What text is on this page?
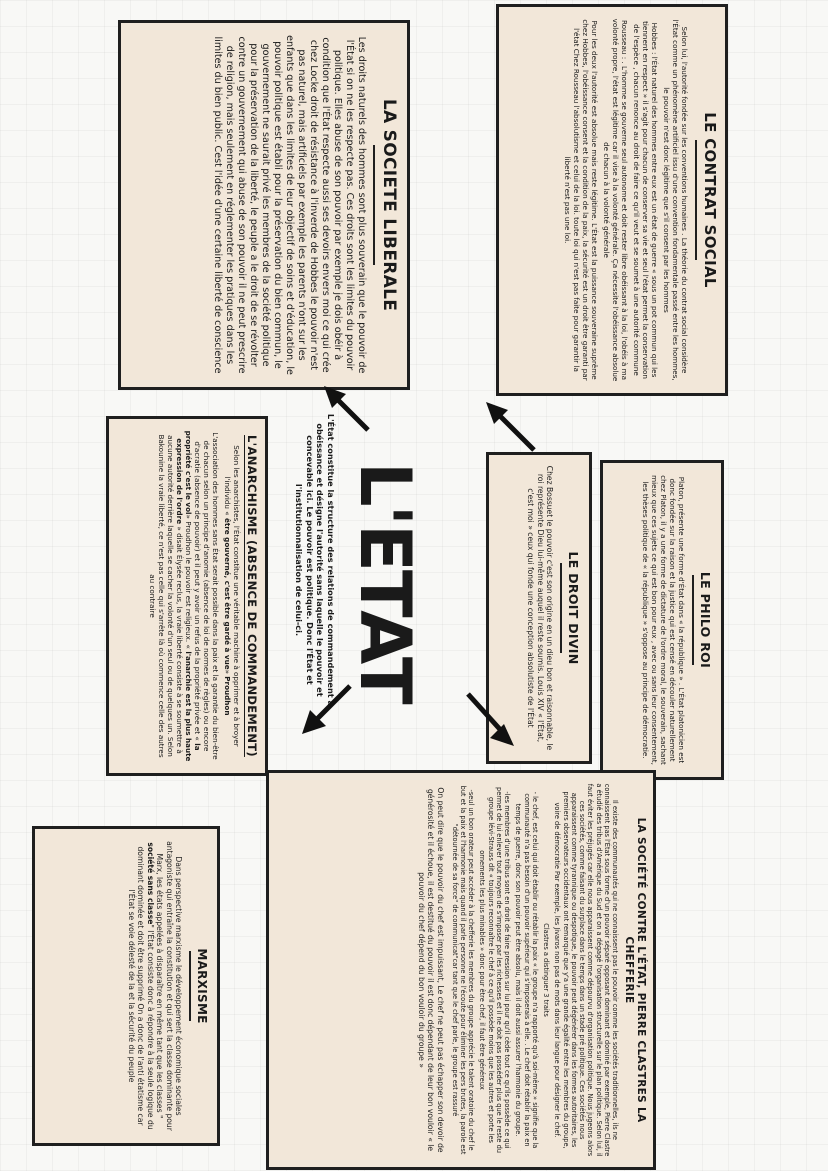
LA SOCIETE LIBERALE

Les droits naturels des hommes sont plus souverain que le pouvoir de l'État si on ne les respecte pas. Ces droits sont les limites du pouvoir politique. Elles abuse de son pouvoir par exemple je dois obéir à condition que l'État respecte aussi ses devoirs envers moi ce qui crée chez Locke droit de résistance à l'inverde de Hobbes le pouvoir n'est pas naturel, mais artificiels par exemple les parents n'ont sur les enfants que dans les limites de leur objectif de soins et d'éducation, le pouvoir politique est établi pour la préservation du bien commun, le gouvernement ne saurait privé les membres de la société politique pour la préservation de la liberté, le peuple a le droit de se révolter contre un gouvernement qui abuse de son pouvoir il ne peut prescrire de religion, mais seulement en réglementer les pratiques dans les limites du bien public. Cest l'idée d'une certaine liberté de conscience	LE CONTRAT SOCIAL

Selon lui, l'autorité fondée sur les conventions humaines . La théorie du contrat social considère l'État comme un phénomène artificiel issu d'une convention fondamentale passé entre les hommes, le pouvoir n'est donc légitime que s'il consent par les hommes

Hobbes : l'État naturel des hommes entre eux est un état de guerre « sous un pot commun qui les tiennent en respect » il s'agit pour chacun de conserver sa vie et seul l'état permet la conservation de l'espèce , chacun renonce au droit de faire ce qu'il veut et se soumet à une autorité commune

Rousseau : . L'homme se gouverne seul autonome et doit rester libre obéissant à la loi, l'obéis à ma volonté propre, l'état est légitime car il vise à la volonté générale. Ça nécessite l'obéissance absolue de chacun à la volonté générale

Pour les deux l'autorité est absolue mais reste légitime. L'État est la puissance souveraine suprême chez Hobbes, l'obéissance consent et la condition de la paix, la sécurité est un droit être garanti par l'état Chez Rousseau l'absolutisme et celui de la loi. toute loi qui n'est pas faite pour garantir la liberté n'est pas une loi.

LE DROIT DIVIN

Chez Bossuet le pouvoir c'est son origine en un dieu bon et raisonnable, le roi représente Dieu lui-même auquel il reste soumis. Louis XIV « l'État, c'est moi » ceux qui fonde une conception absolutiste de l'État	LE PHILO ROI

Platon, présente une forme d'État dans « la république » . L'État platonicien est donc fondée sur la raison et la justice qui est censé en découler naturellement chez Platon, il y a une forme de dictature de l'ordre moral, le souverain, sachant mieux que ces sujets ce qui est bon pour eux , avec ou sans leur consentement, les thèses politique de « la république » s'oppose au principe de démocratie.

L'ETAT
L'État constitue la structure des relations de commandement à obéissance et désigne l'autorité sans laquelle le pouvoir et concevable ici. Le pouvoir est politique. Donc l'État et l'institutionnalisation de celui-ci.
L'ANARCHISME (ABSENCE DE COMMANDEMENT)

Selon les anarchistes, l'État constitue une véritable machine à opprimer et à broyer l'individu « être gouverné, c'est être gardé à vue» Proudhon

L'association des hommes sans État serait possible dans la paix et la garantie du bien-être de chacun selon un principe d'anomie (absence de loi de normes de règles) ou encore d'acratie (absence de pouvoir) et il peut y avoir un refus de la propriété privée et « la propriété c'est le vol» Proudhon le pouvoir est religieux. « l'anarchie est la plus haute expression de l'ordre » disait Élysée reclus, la vraie liberté consiste à se soumettre à aucune autorité derrière laquelle se cacher la volonté d'un seul ou de quelques un. Selon Bakounine la vraie liberté, ce n'est pas celle qui s'arrête là où commence celle des autres au contraire

MARXISME

Dans perspective marxisme le développement économique sociales antagoniste qui entraîne la constitution et qui sert la classe dominante pour Marx, les états appelées à disparaître en même tant que les classes " société sans classe" l'État consiste donc à répondre à la seule logique du dominant dominée et doit être supprimé On a donc de l'anti étatisme car l'État se voie délesté de la et la sécurité du peuple	LA SOCIÉTÉ CONTRE L'ÉTAT, PIERRE CLASTRES LA CHEFFERIE

Il existe des communautés qui ne connaissent pas le pouvoir comme les sociétés traditionnelles, ils ne connaissent pas l'État sous forme d'un pouvoir séparé opposant dominant et dominé par exemple, Pierre Clastre a étudié des tribus d'Amérique du Sud et on a dégagé l'organisation structurelle sur le plan politique. Selon lui, il faut éviter les préjugés car elle nous apparaissent comme dépourvu d'organisation politique. Nous jugeons alors ces sociétés, comme faisant du surplace dans le temps dans un stade pré politique. Ces sociétés nous apparaissent comme tyrannique ou despotique, le pouvoir peut dégénérer dans les formes autoritaires, les premiers observateurs occidentaux ont remarqué que y'a une grande égalité entre les membres du groupe, voire de démocratie Par exemple, les Jivaros non pas de mots dans leur langue pour désigner le chef.

Clastres a distinguer 3 traits

- le chef, est celui qui doit établir ou rétablir la paix « le groupe n'a rapporté qu'à soi-même » signifie que la communauté n'a pas besoin d'un pouvoir supérieur qui s'imposerais à elle. . Le chef doit rétablir la paix en temps de guerre, donc son pouvoir peut être absolu, mais il doit aussi assurer l'harmonie du groupe.

-les membres d'une tribus sont en droit de faire pression sur lui pour qu'il cède tout ce qu'ils possède ce qui permet de lui enlever tout moyen de s'imposer par les richesses et il ne doit pas posséder plus que le reste du groupe lévi-Strauss dit « toujours reconnaître le chef à ce qu'il possède moins que les autres et porte les ornements les plus minables » donc pour être chef, il faut être généreux

-seul un bon orateur peut accéder à la chefferie les membres du groupe apprécie le talent oratoire du chef le but et la paix et l'harmonie mais quand il parle personne ne l'écoute pour éliminer les pers brutes, la parole est "détournée de sa force" de communicat"car tant que le chef parle, le groupe est rassuré

On peut dire que le pouvoir du chef est impuissant, Le chef ne peut pas échapper son devoir de générosité et il échoue, il est destitué du pouvoir il est donc dépendant de leur bon vouloir « le pouvoir du chef dépend du bon vouloir du groupe »
